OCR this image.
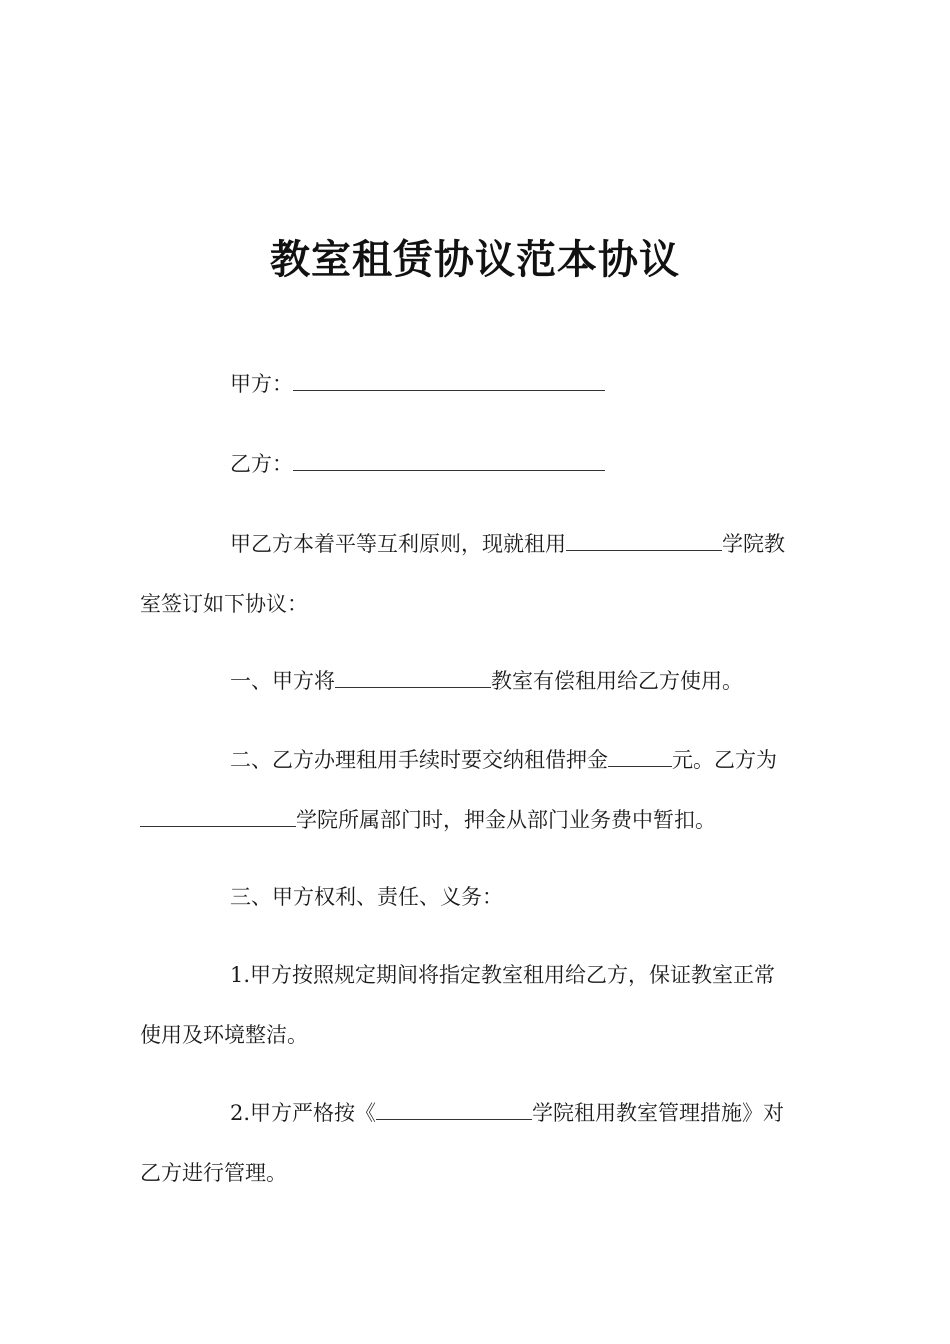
教室租赁协议范本协议
甲方：
乙方：
甲乙方本着平等互利原则，现就租用	学院教
室签订如下协议：
一、甲方将	教室有偿租用给乙方使用。
二、乙方办理租用手续时要交纳租借押金	元。乙方为
学院所属部门时，押金从部门业务费中暂扣。
三、甲方权利、责任、义务：
1.甲方按照规定期间将指定教室租用给乙方，保证教室正常
使用及环境整洁。
2.甲方严格按《	学院租用教室管理措施》对
乙方进行管理。
